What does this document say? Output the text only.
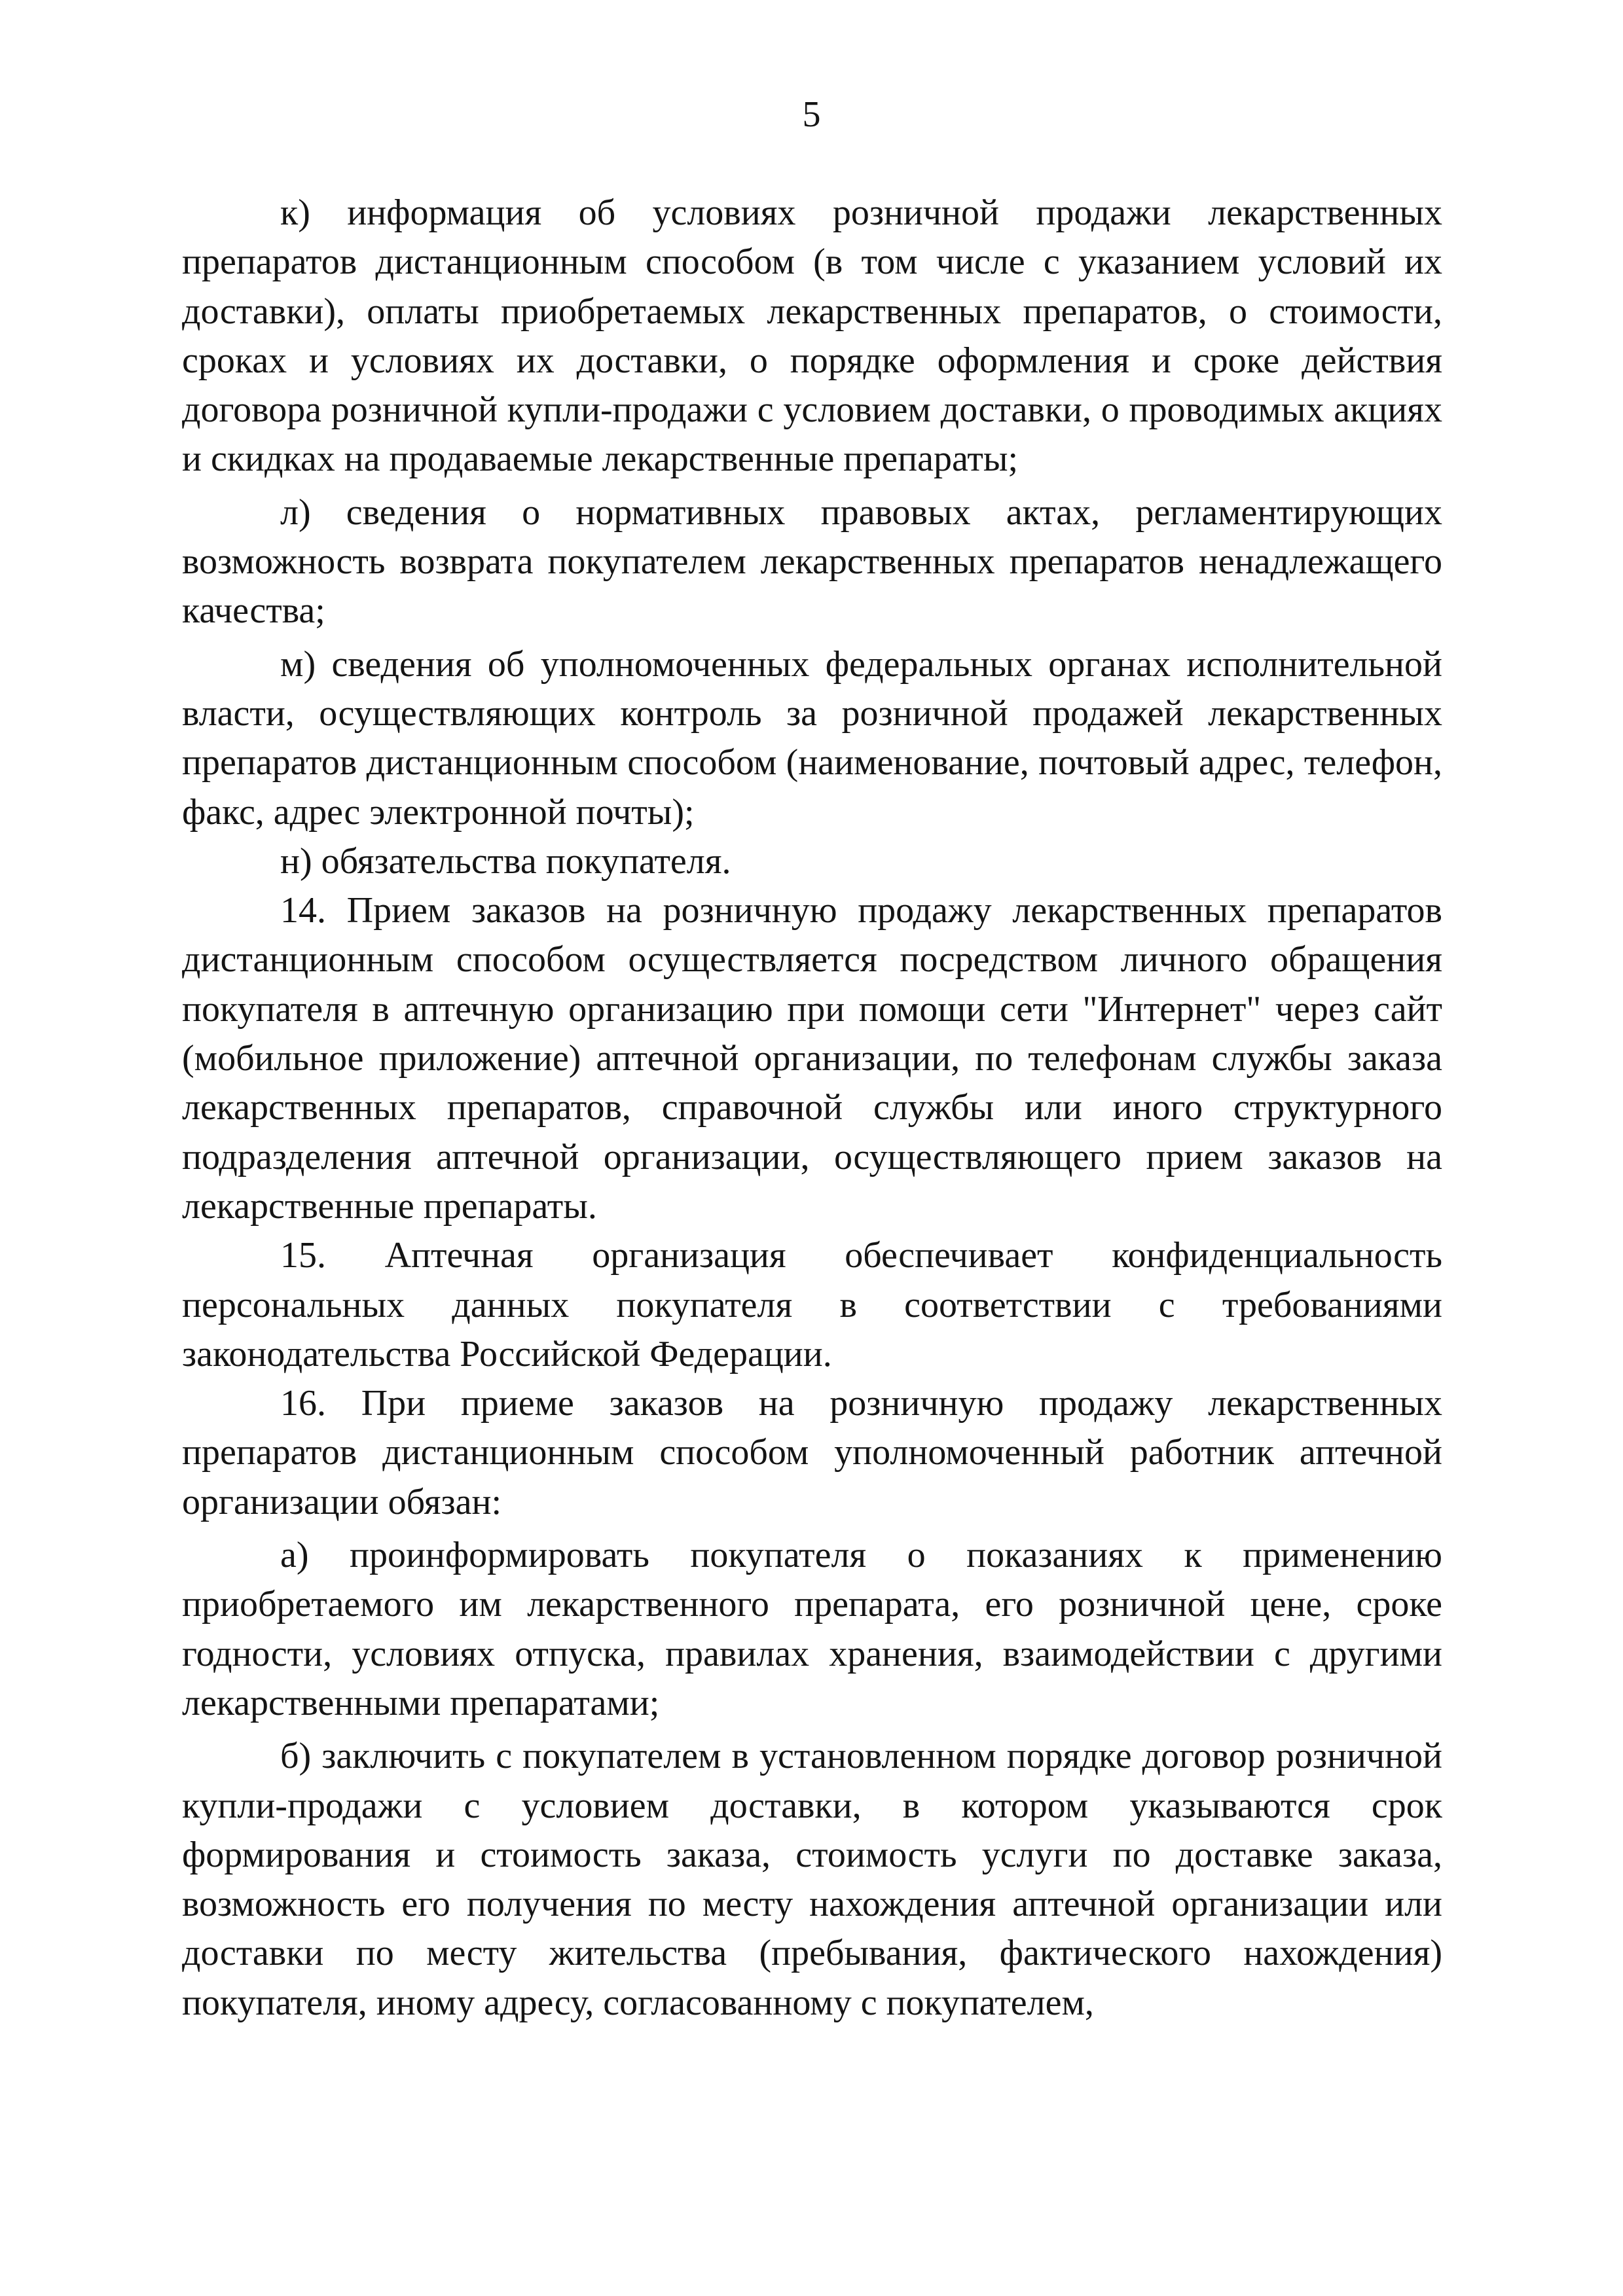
5

к) информация об условиях розничной продажи лекарственных препаратов дистанционным способом (в том числе с указанием условий их доставки), оплаты приобретаемых лекарственных препаратов, о стоимости, сроках и условиях их доставки, о порядке оформления и сроке действия договора розничной купли-продажи с условием доставки, о проводимых акциях и скидках на продаваемые лекарственные препараты;

л) сведения о нормативных правовых актах, регламентирующих возможность возврата покупателем лекарственных препаратов ненадлежащего качества;

м) сведения об уполномоченных федеральных органах исполнительной власти, осуществляющих контроль за розничной продажей лекарственных препаратов дистанционным способом (наименование, почтовый адрес, телефон, факс, адрес электронной почты);

н) обязательства покупателя.

14. Прием заказов на розничную продажу лекарственных препаратов дистанционным способом осуществляется посредством личного обращения покупателя в аптечную организацию при помощи сети "Интернет" через сайт (мобильное приложение) аптечной организации, по телефонам службы заказа лекарственных препаратов, справочной службы или иного структурного подразделения аптечной организации, осуществляющего прием заказов на лекарственные препараты.

15. Аптечная организация обеспечивает конфиденциальность персональных данных покупателя в соответствии с требованиями законодательства Российской Федерации.

16. При приеме заказов на розничную продажу лекарственных препаратов дистанционным способом уполномоченный работник аптечной организации обязан:

а) проинформировать покупателя о показаниях к применению приобретаемого им лекарственного препарата, его розничной цене, сроке годности, условиях отпуска, правилах хранения, взаимодействии с другими лекарственными препаратами;

б) заключить с покупателем в установленном порядке договор розничной купли-продажи с условием доставки, в котором указываются срок формирования и стоимость заказа, стоимость услуги по доставке заказа, возможность его получения по месту нахождения аптечной организации или доставки по месту жительства (пребывания, фактического нахождения) покупателя, иному адресу, согласованному с покупателем,
